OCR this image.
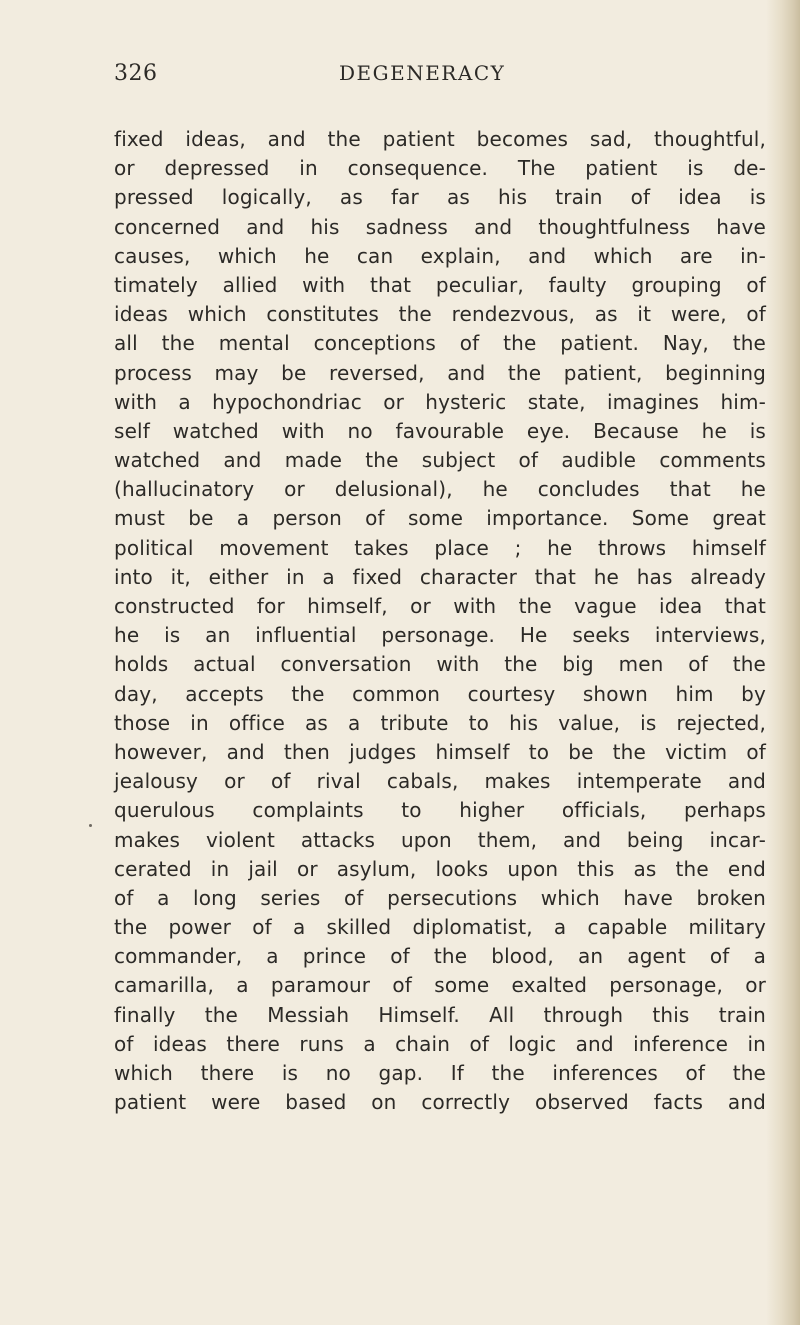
326	DEGENERACY
fixed ideas, and the patient becomes sad, thoughtful,
or depressed in consequence. The patient is de-
pressed logically, as far as his train of idea is
concerned and his sadness and thoughtfulness have
causes, which he can explain, and which are in-
timately allied with that peculiar, faulty grouping of
ideas which constitutes the rendezvous, as it were, of
all the mental conceptions of the patient. Nay, the
process may be reversed, and the patient, beginning
with a hypochondriac or hysteric state, imagines him-
self watched with no favourable eye. Because he is
watched and made the subject of audible comments
(hallucinatory or delusional), he concludes that he
must be a person of some importance. Some great
political movement takes place ; he throws himself
into it, either in a fixed character that he has already
constructed for himself, or with the vague idea that
he is an influential personage. He seeks interviews,
holds actual conversation with the big men of the
day, accepts the common courtesy shown him by
those in office as a tribute to his value, is rejected,
however, and then judges himself to be the victim of
jealousy or of rival cabals, makes intemperate and
querulous complaints to higher officials, perhaps
makes violent attacks upon them, and being incar-
cerated in jail or asylum, looks upon this as the end
of a long series of persecutions which have broken
the power of a skilled diplomatist, a capable military
commander, a prince of the blood, an agent of a
camarilla, a paramour of some exalted personage, or
finally the Messiah Himself. All through this train
of ideas there runs a chain of logic and inference in
which there is no gap. If the inferences of the
patient were based on correctly observed facts and
